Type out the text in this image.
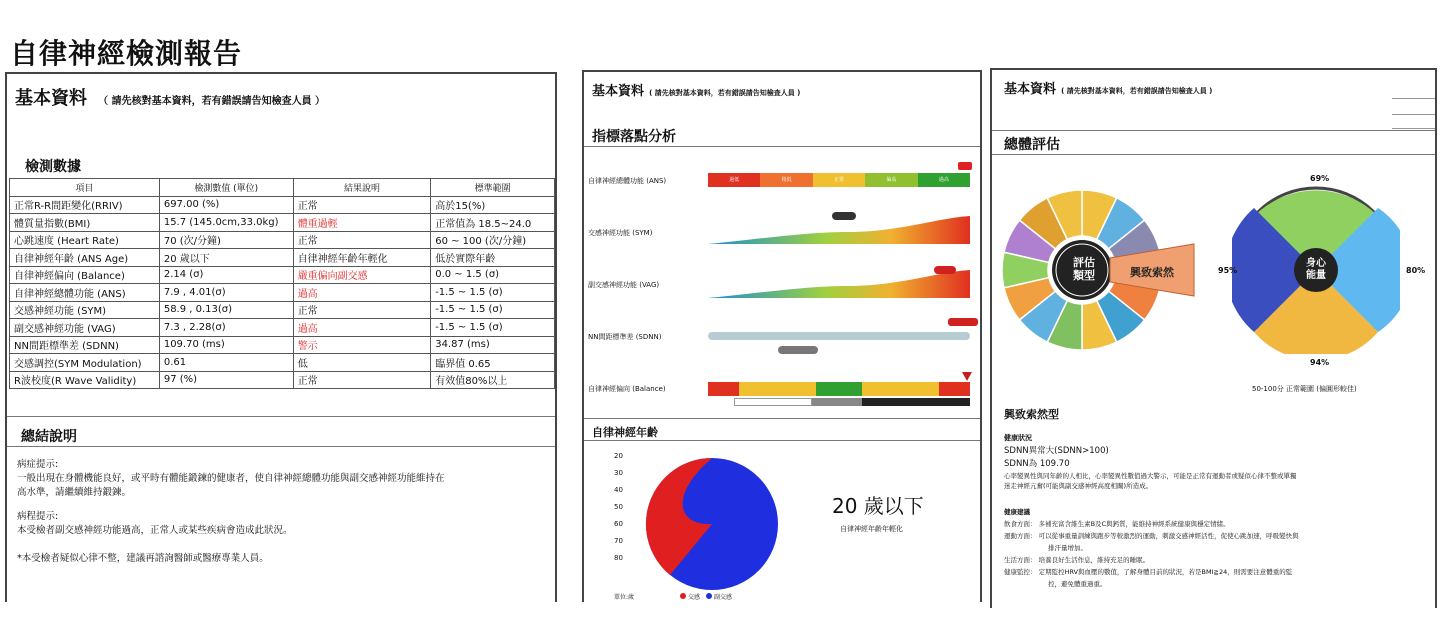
自律神經檢測報告
基本資料 （ 請先核對基本資料，若有錯誤請告知檢查人員 ）
檢測數據
項目	檢測數值 (單位)	結果說明	標準範圍
正常R-R間距變化(RRIV)	697.00 (%)	正常	高於15(%)
體質量指數(BMI)	15.7 (145.0cm,33.0kg)	體重過輕	正常值為 18.5~24.0
心跳速度 (Heart Rate)	70 (次/分鐘)	正常	60 ~ 100 (次/分鐘)
自律神經年齡 (ANS Age)	20 歲以下	自律神經年齡年輕化	低於實際年齡
自律神經偏向 (Balance)	2.14 (σ)	嚴重偏向副交感	0.0 ~ 1.5 (σ)
自律神經總體功能 (ANS)	7.9 , 4.01(σ)	過高	-1.5 ~ 1.5 (σ)
交感神經功能 (SYM)	58.9 , 0.13(σ)	正常	-1.5 ~ 1.5 (σ)
副交感神經功能 (VAG)	7.3 , 2.28(σ)	過高	-1.5 ~ 1.5 (σ)
NN間距標準差 (SDNN)	109.70 (ms)	警示	34.87 (ms)
交感調控(SYM Modulation)	0.61	低	臨界值 0.65
R波校度(R Wave Validity)	97 (%)	正常	有效值80%以上
總結說明
病症提示:
一般出現在身體機能良好，或平時有體能鍛鍊的健康者，使自律神經總體功能與副交感神經功能維持在
高水準，請繼續維持鍛鍊。
病程提示:
本受檢者副交感神經功能過高，正常人或某些疾病會造成此狀況。
*本受檢者疑似心律不整，建議再諮詢醫師或醫療專業人員。
基本資料 ( 請先核對基本資料，若有錯誤請告知檢查人員 )
指標落點分析
自律神經總體功能 (ANS)	過低	稍低	正常	偏高	過高
交感神經功能 (SYM)
副交感神經功能 (VAG)
NN間距標準差 (SDNN)
自律神經偏向 (Balance)
自律神經年齡
20
30
40
50
60
70
80
20 歲以下
自律神經年齡年輕化
單位:歲	交感 副交感
基本資料 ( 請先核對基本資料，若有錯誤請告知檢查人員 )
總體評估
評估類型	興致索然
身心能量
69%
95%	80%
94%
50-100分 正常範圍 (偏圓形較佳)
興致索然型
健康狀況
SDNN異常大(SDNN>100)
SDNN為 109.70
心率變異性與同年齡的人相比，心率變異性數值過大警示，可能是正常有運動者或疑似心律不整或單獨
迷走神經亢奮(可能與副交感神經高度相關)所造成。
健康建議
飲食方面： 多補充富含維生素B及C與鈣質，能維持神經系統健康與穩定情緒。
運動方面： 可以從事重量訓練與跑步等較激烈的運動，刺激交感神經活性，促使心跳加速，呼吸變快與
排汗量增加。
生活方面： 培養良好生活作息，維持充足的睡眠。
健康監控： 定期監控HRV與血壓的數值，了解身體目前的狀況，若是BMI≧24，則需要注意體重的監
控，避免體重過重。
